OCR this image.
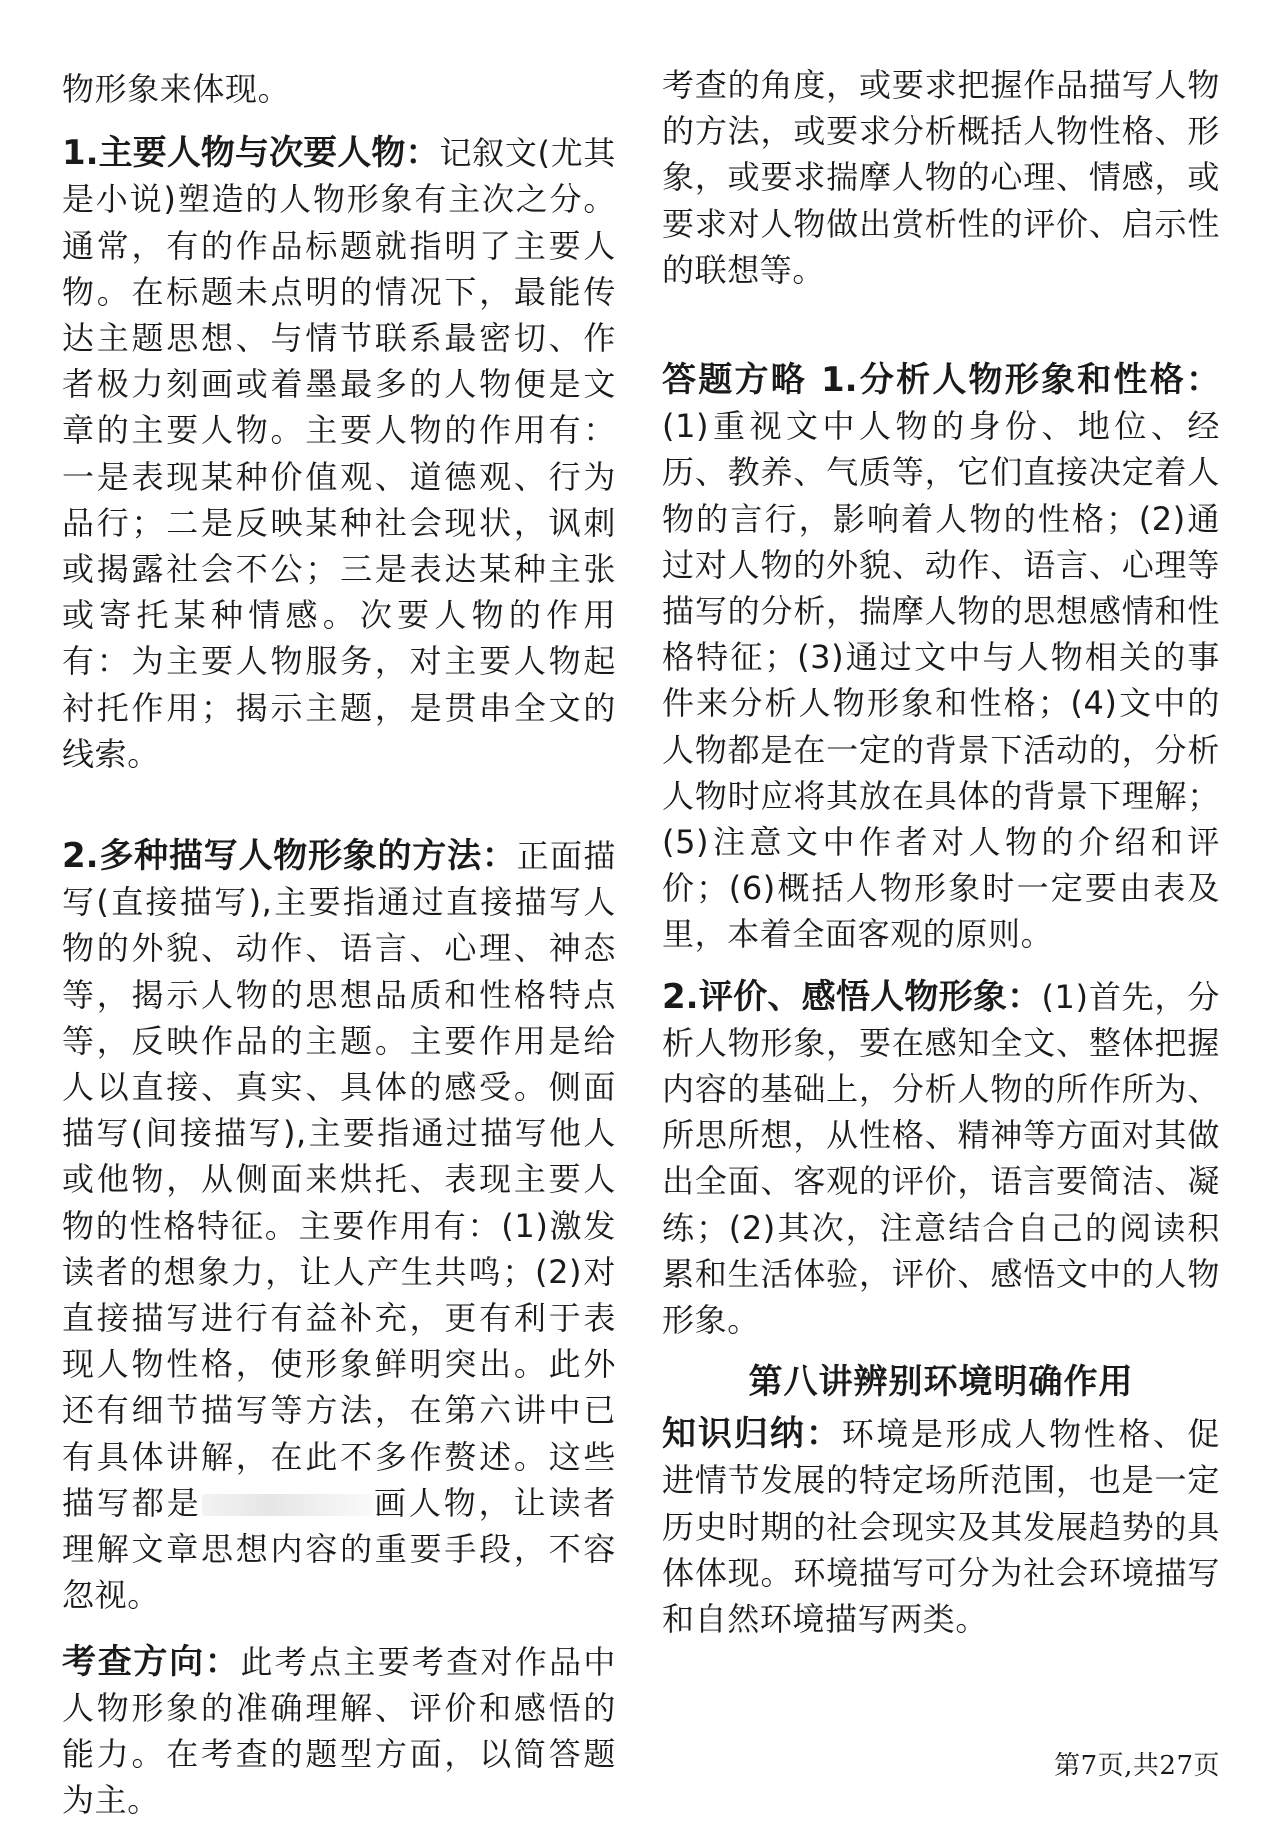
物形象来体现。

1.主要人物与次要人物：记叙文(尤其是小说)塑造的人物形象有主次之分。通常，有的作品标题就指明了主要人物。在标题未点明的情况下，最能传达主题思想、与情节联系最密切、作者极力刻画或着墨最多的人物便是文章的主要人物。主要人物的作用有：一是表现某种价值观、道德观、行为品行；二是反映某种社会现状，讽刺或揭露社会不公；三是表达某种主张或寄托某种情感。次要人物的作用有：为主要人物服务，对主要人物起衬托作用；揭示主题，是贯串全文的线索。

2.多种描写人物形象的方法：正面描写(直接描写),主要指通过直接描写人物的外貌、动作、语言、心理、神态等，揭示人物的思想品质和性格特点等，反映作品的主题。主要作用是给人以直接、真实、具体的感受。侧面描写(间接描写),主要指通过描写他人或他物，从侧面来烘托、表现主要人物的性格特征。主要作用有：(1)激发读者的想象力，让人产生共鸣；(2)对直接描写进行有益补充，更有利于表现人物性格，使形象鲜明突出。此外还有细节描写等方法，在第六讲中已有具体讲解，在此不多作赘述。这些描写都是	画人物，让读者理解文章思想内容的重要手段，不容忽视。

考查方向：此考点主要考查对作品中人物形象的准确理解、评价和感悟的能力。在考查的题型方面，以简答题为主。

考查的角度，或要求把握作品描写人物的方法，或要求分析概括人物性格、形象，或要求揣摩人物的心理、情感，或要求对人物做出赏析性的评价、启示性的联想等。

答题方略 1.分析人物形象和性格：(1)重视文中人物的身份、地位、经历、教养、气质等，它们直接决定着人物的言行，影响着人物的性格；(2)通过对人物的外貌、动作、语言、心理等描写的分析，揣摩人物的思想感情和性格特征；(3)通过文中与人物相关的事件来分析人物形象和性格；(4)文中的人物都是在一定的背景下活动的，分析人物时应将其放在具体的背景下理解；(5)注意文中作者对人物的介绍和评价；(6)概括人物形象时一定要由表及里，本着全面客观的原则。

2.评价、感悟人物形象：(1)首先，分析人物形象，要在感知全文、整体把握内容的基础上，分析人物的所作所为、所思所想，从性格、精神等方面对其做出全面、客观的评价，语言要简洁、凝练；(2)其次，注意结合自己的阅读积累和生活体验，评价、感悟文中的人物形象。

第八讲辨别环境明确作用

知识归纳：环境是形成人物性格、促进情节发展的特定场所范围，也是一定历史时期的社会现实及其发展趋势的具体体现。环境描写可分为社会环境描写和自然环境描写两类。

第7页,共27页
